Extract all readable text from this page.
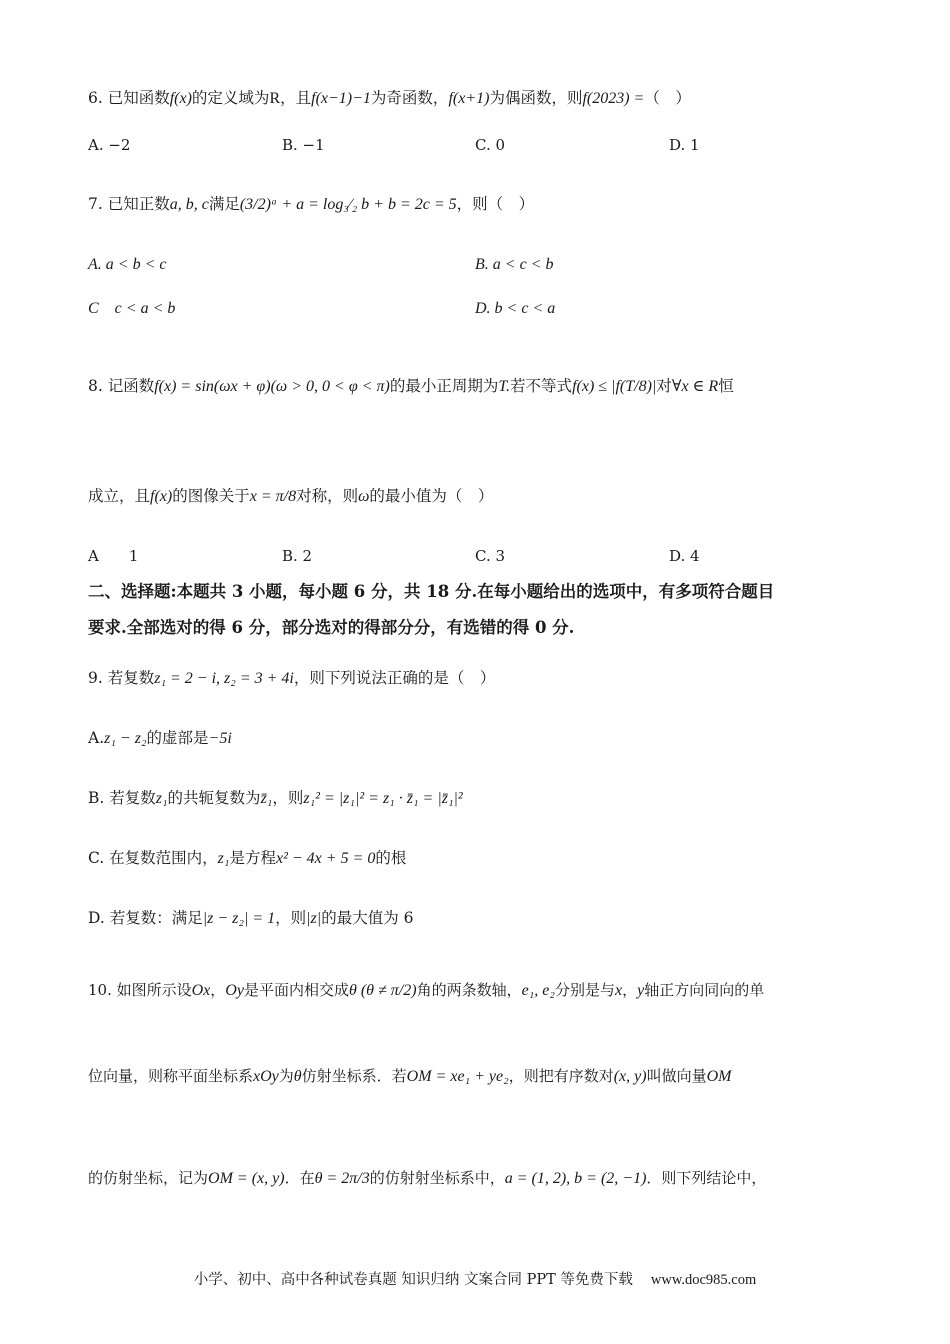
6. 已知函数f(x)的定义域为R，且f(x−1)−1为奇函数，f(x+1)为偶函数，则f(2023) =（　）
A. −2	B. −1	C. 0	D. 1
7. 已知正数a, b, c满足(3/2)ᵃ + a = log₃⁄₂ b + b = 2c = 5，则（　）
A. a < b < c	B. a < c < b
C　c < a < b	D. b < c < a
8. 记函数f(x) = sin(ωx + φ)(ω > 0, 0 < φ < π)的最小正周期为T.若不等式f(x) ≤ |f(T/8)|对∀x ∈ R恒
成立，且f(x)的图像关于x = π/8对称，则ω的最小值为（　）
A　　1	B. 2	C. 3	D. 4
二、选择题:本题共 3 小题，每小题 6 分，共 18 分.在每小题给出的选项中，有多项符合题目
要求.全部选对的得 6 分，部分选对的得部分分，有选错的得 0 分.
9. 若复数z₁ = 2 − i, z₂ = 3 + 4i，则下列说法正确的是（　）
A.z₁ − z₂的虚部是−5i
B. 若复数z₁的共轭复数为z̄₁，则z₁² = |z₁|² = z₁ · z̄₁ = |z̄₁|²
C. 在复数范围内，z₁是方程x² − 4x + 5 = 0的根
D. 若复数：满足|z − z₂| = 1，则|z|的最大值为 6
10. 如图所示设Ox，Oy是平面内相交成θ (θ ≠ π/2)角的两条数轴，e₁, e₂分别是与x，y轴正方向同向的单
位向量，则称平面坐标系xOy为θ仿射坐标系．若OM = xe₁ + ye₂，则把有序数对(x, y)叫做向量OM
的仿射坐标，记为OM = (x, y)．在θ = 2π/3的仿射射坐标系中，a = (1, 2), b = (2, −1)．则下列结论中，
小学、初中、高中各种试卷真题 知识归纳 文案合同 PPT 等免费下载 www.doc985.com
